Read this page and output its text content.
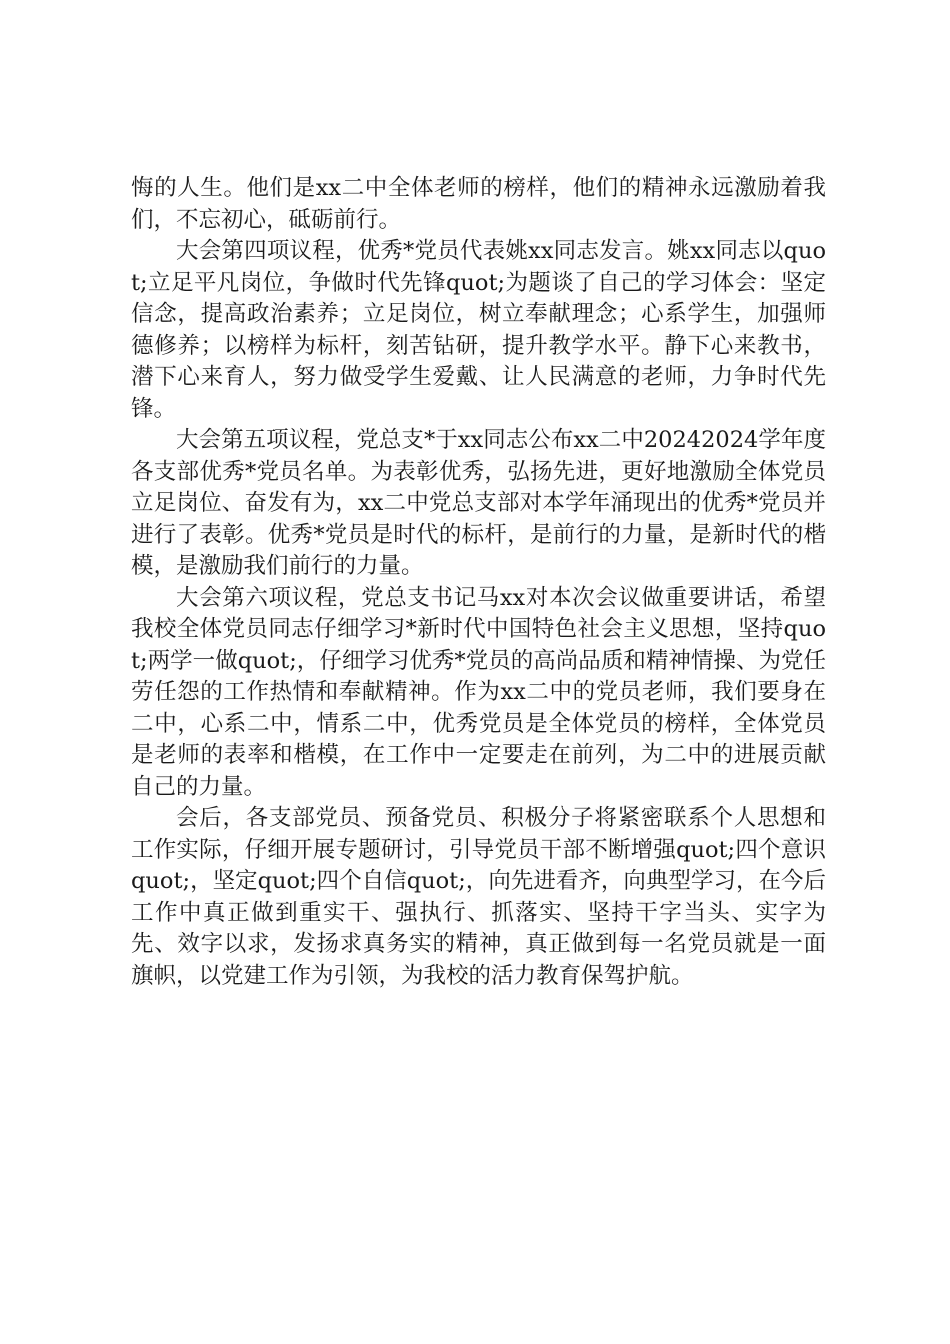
悔的人生。他们是xx二中全体老师的榜样，他们的精神永远激励着我们，不忘初心，砥砺前行。

大会第四项议程，优秀*党员代表姚xx同志发言。姚xx同志以quot;立足平凡岗位，争做时代先锋quot;为题谈了自己的学习体会：坚定信念，提高政治素养；立足岗位，树立奉献理念；心系学生，加强师德修养；以榜样为标杆，刻苦钻研，提升教学水平。静下心来教书，潜下心来育人，努力做受学生爱戴、让人民满意的老师，力争时代先锋。

大会第五项议程，党总支*于xx同志公布xx二中20242024学年度各支部优秀*党员名单。为表彰优秀，弘扬先进，更好地激励全体党员立足岗位、奋发有为，xx二中党总支部对本学年涌现出的优秀*党员并进行了表彰。优秀*党员是时代的标杆，是前行的力量，是新时代的楷模，是激励我们前行的力量。

大会第六项议程，党总支书记马xx对本次会议做重要讲话，希望我校全体党员同志仔细学习*新时代中国特色社会主义思想，坚持quot;两学一做quot;，仔细学习优秀*党员的高尚品质和精神情操、为党任劳任怨的工作热情和奉献精神。作为xx二中的党员老师，我们要身在二中，心系二中，情系二中，优秀党员是全体党员的榜样，全体党员是老师的表率和楷模，在工作中一定要走在前列，为二中的进展贡献自己的力量。

会后，各支部党员、预备党员、积极分子将紧密联系个人思想和工作实际，仔细开展专题研讨，引导党员干部不断增强quot;四个意识quot;，坚定quot;四个自信quot;，向先进看齐，向典型学习，在今后工作中真正做到重实干、强执行、抓落实、坚持干字当头、实字为先、效字以求，发扬求真务实的精神，真正做到每一名党员就是一面旗帜，以党建工作为引领，为我校的活力教育保驾护航。
